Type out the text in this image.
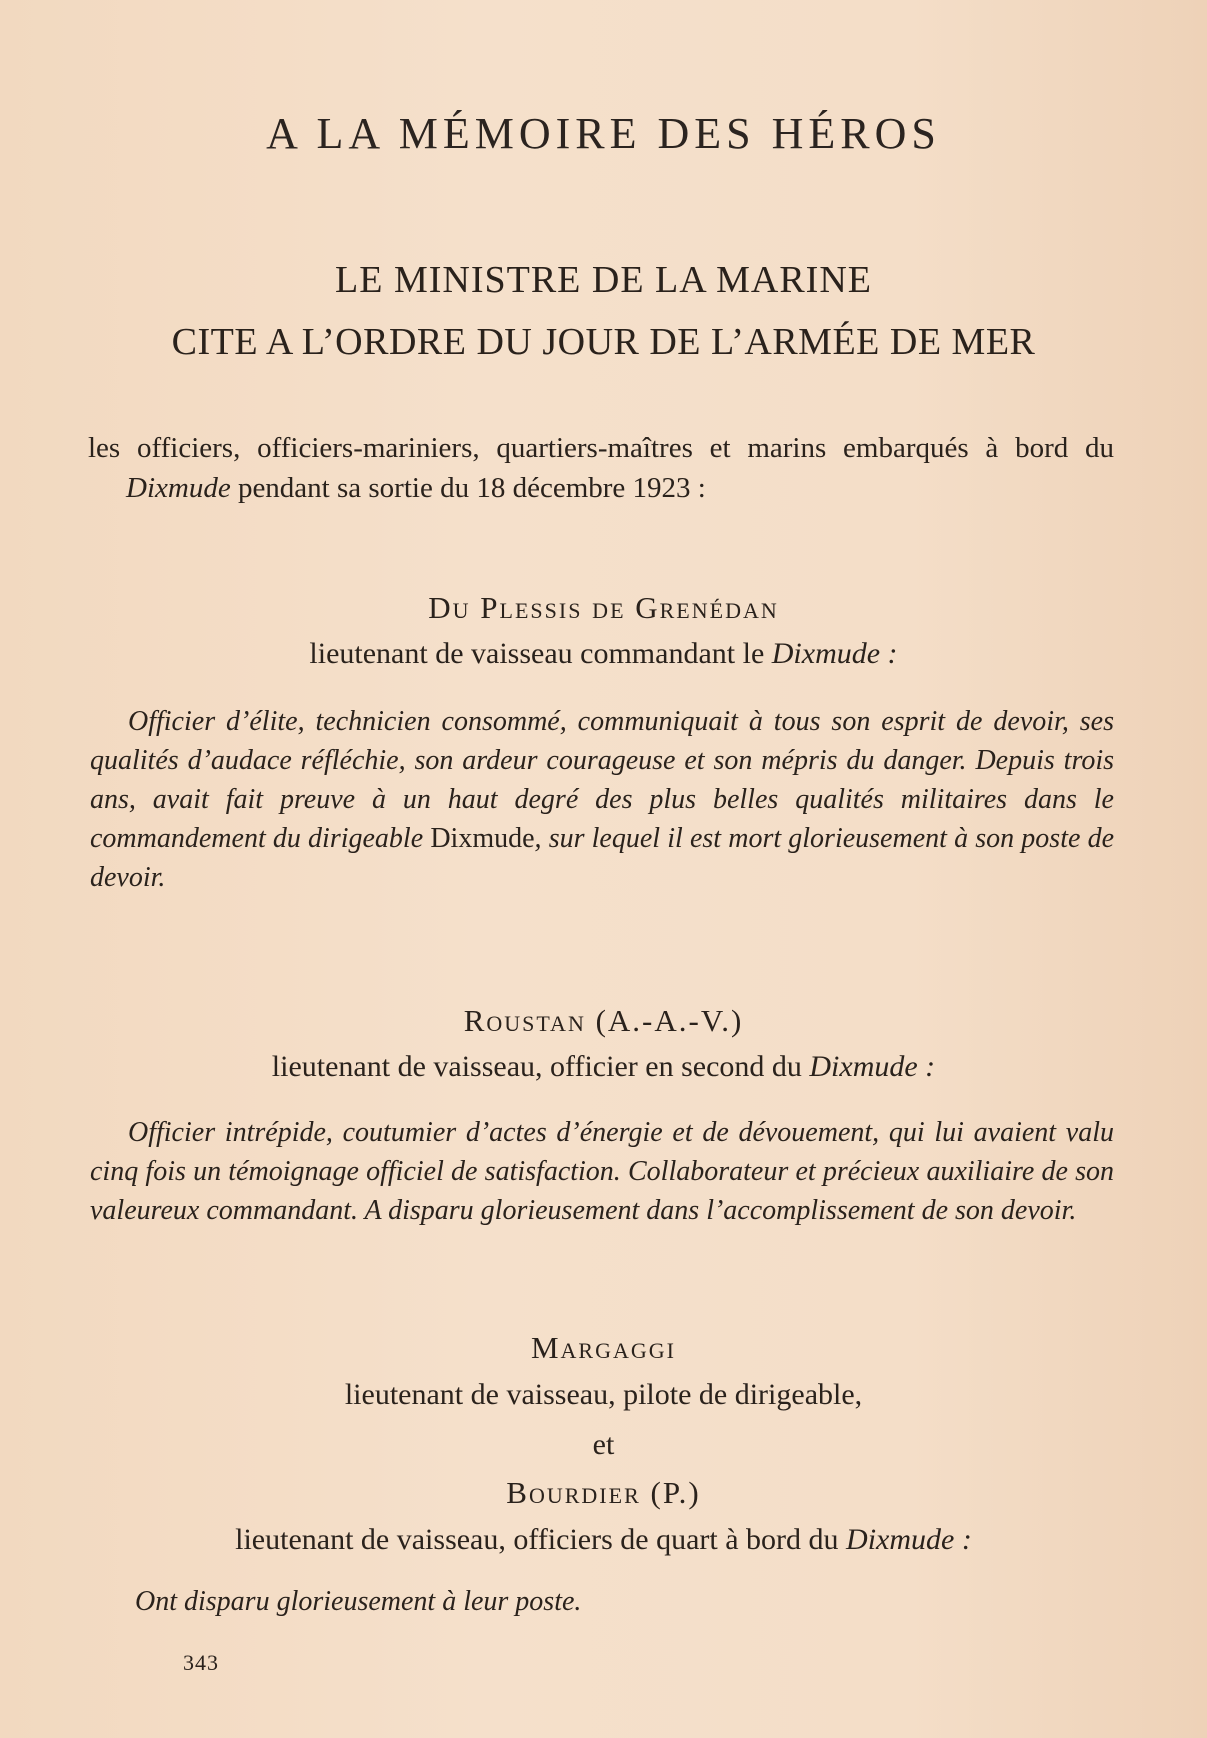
A LA MÉMOIRE DES HÉROS
LE MINISTRE DE LA MARINE
CITE A L’ORDRE DU JOUR DE L’ARMÉE DE MER
les officiers, officiers-mariniers, quartiers-maîtres et marins embarqués à bord du Dixmude pendant sa sortie du 18 décembre 1923 :
Du Plessis de Grenédan
lieutenant de vaisseau commandant le Dixmude :
Officier d’élite, technicien consommé, communiquait à tous son esprit de devoir, ses qualités d’audace réfléchie, son ardeur courageuse et son mépris du danger. Depuis trois ans, avait fait preuve à un haut degré des plus belles qualités militaires dans le commandement du dirigeable Dixmude, sur lequel il est mort glorieusement à son poste de devoir.
Roustan (A.-A.-V.)
lieutenant de vaisseau, officier en second du Dixmude :
Officier intrépide, coutumier d’actes d’énergie et de dévouement, qui lui avaient valu cinq fois un témoignage officiel de satisfaction. Collaborateur et précieux auxiliaire de son valeureux commandant. A disparu glorieusement dans l’accomplissement de son devoir.
Margaggi
lieutenant de vaisseau, pilote de dirigeable,
et
Bourdier (P.)
lieutenant de vaisseau, officiers de quart à bord du Dixmude :
Ont disparu glorieusement à leur poste.
343
